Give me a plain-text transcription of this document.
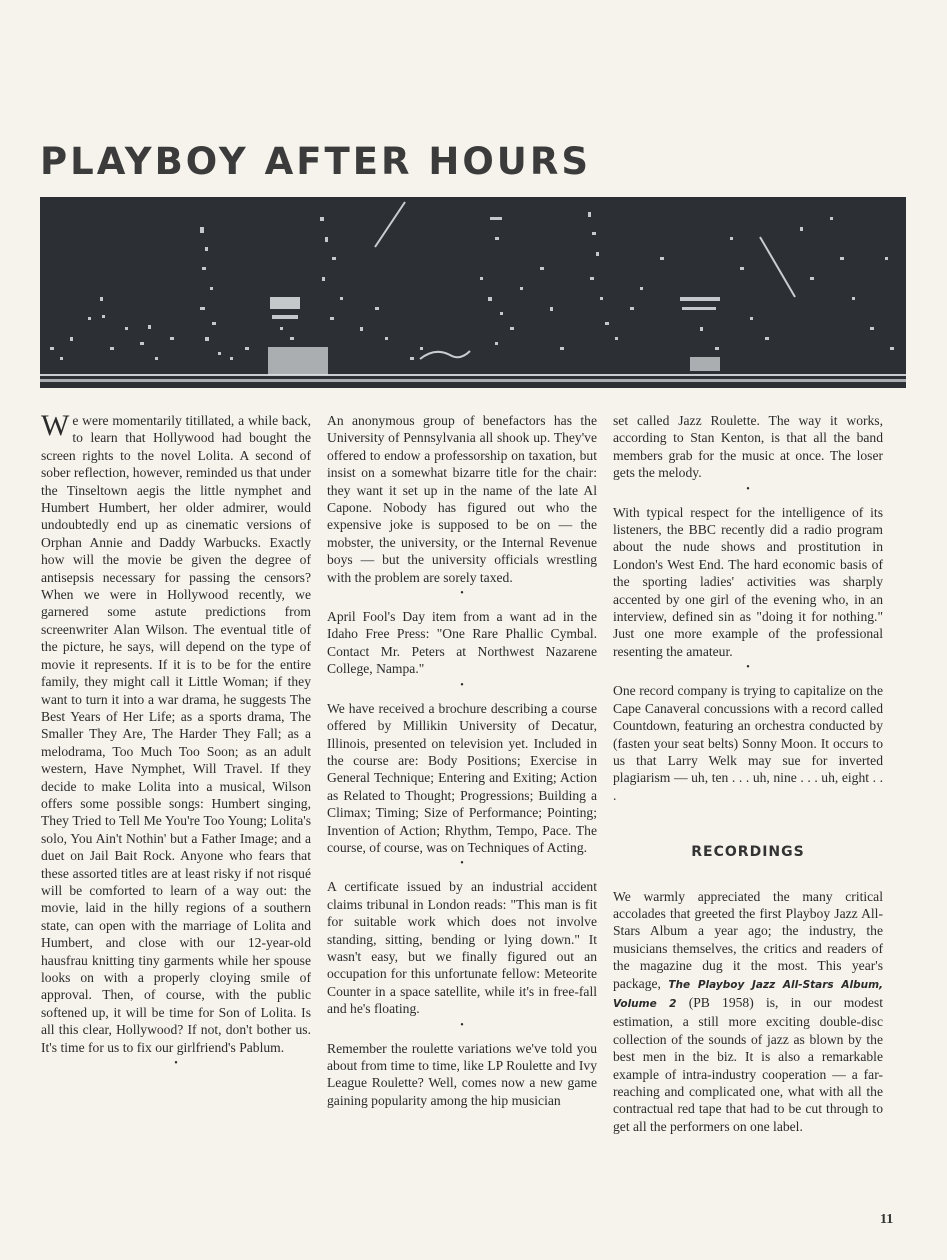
PLAYBOY AFTER HOURS

We were momentarily titillated, a while back, to learn that Hollywood had bought the screen rights to the novel Lolita. A second of sober reflection, however, reminded us that under the Tinseltown aegis the little nymphet and Humbert Humbert, her older admirer, would undoubtedly end up as cinematic versions of Orphan Annie and Daddy Warbucks. Exactly how will the movie be given the degree of antisepsis necessary for passing the censors? When we were in Hollywood recently, we garnered some astute predictions from screenwriter Alan Wilson. The eventual title of the picture, he says, will depend on the type of movie it represents. If it is to be for the entire family, they might call it Little Woman; if they want to turn it into a war drama, he suggests The Best Years of Her Life; as a sports drama, The Smaller They Are, The Harder They Fall; as a melodrama, Too Much Too Soon; as an adult western, Have Nymphet, Will Travel. If they decide to make Lolita into a musical, Wilson offers some possible songs: Humbert singing, They Tried to Tell Me You're Too Young; Lolita's solo, You Ain't Nothin' but a Father Image; and a duet on Jail Bait Rock. Anyone who fears that these assorted titles are at least risky if not risqué will be comforted to learn of a way out: the movie, laid in the hilly regions of a southern state, can open with the marriage of Lolita and Humbert, and close with our 12-year-old hausfrau knitting tiny garments while her spouse looks on with a properly cloying smile of approval. Then, of course, with the public softened up, it will be time for Son of Lolita. Is all this clear, Hollywood? If not, don't bother us. It's time for us to fix our girlfriend's Pablum.

•

An anonymous group of benefactors has the University of Pennsylvania all shook up. They've offered to endow a professorship on taxation, but insist on a somewhat bizarre title for the chair: they want it set up in the name of the late Al Capone. Nobody has figured out who the expensive joke is supposed to be on — the mobster, the university, or the Internal Revenue boys — but the university officials wrestling with the problem are sorely taxed.

•

April Fool's Day item from a want ad in the Idaho Free Press: "One Rare Phallic Cymbal. Contact Mr. Peters at Northwest Nazarene College, Nampa."

•

We have received a brochure describing a course offered by Millikin University of Decatur, Illinois, presented on television yet. Included in the course are: Body Positions; Exercise in General Technique; Entering and Exiting; Action as Related to Thought; Progressions; Building a Climax; Timing; Size of Performance; Pointing; Invention of Action; Rhythm, Tempo, Pace. The course, of course, was on Techniques of Acting.

•

A certificate issued by an industrial accident claims tribunal in London reads: "This man is fit for suitable work which does not involve standing, sitting, bending or lying down." It wasn't easy, but we finally figured out an occupation for this unfortunate fellow: Meteorite Counter in a space satellite, while it's in free-fall and he's floating.

•

Remember the roulette variations we've told you about from time to time, like LP Roulette and Ivy League Roulette? Well, comes now a new game gaining popularity among the hip musician

set called Jazz Roulette. The way it works, according to Stan Kenton, is that all the band members grab for the music at once. The loser gets the melody.

•

With typical respect for the intelligence of its listeners, the BBC recently did a radio program about the nude shows and prostitution in London's West End. The hard economic basis of the sporting ladies' activities was sharply accented by one girl of the evening who, in an interview, defined sin as "doing it for nothing." Just one more example of the professional resenting the amateur.

•

One record company is trying to capitalize on the Cape Canaveral concussions with a record called Countdown, featuring an orchestra conducted by (fasten your seat belts) Sonny Moon. It occurs to us that Larry Welk may sue for inverted plagiarism — uh, ten . . . uh, nine . . . uh, eight . . .

RECORDINGS

We warmly appreciated the many critical accolades that greeted the first Playboy Jazz All-Stars Album a year ago; the industry, the musicians themselves, the critics and readers of the magazine dug it the most. This year's package, The Playboy Jazz All-Stars Album, Volume 2 (PB 1958) is, in our modest estimation, a still more exciting double-disc collection of the sounds of jazz as blown by the best men in the biz. It is also a remarkable example of intra-industry cooperation — a far-reaching and complicated one, what with all the contractual red tape that had to be cut through to get all the performers on one label.

11
